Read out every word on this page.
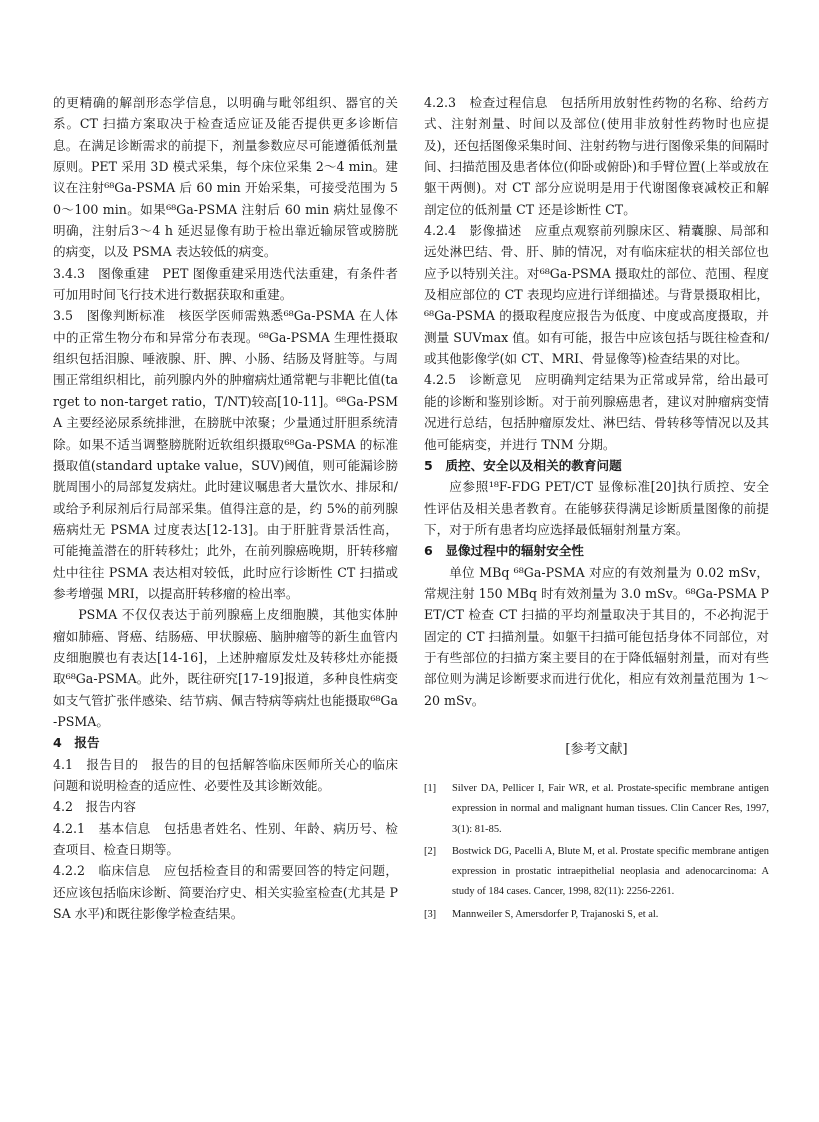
的更精确的解剖形态学信息，以明确与毗邻组织、器官的关系。CT 扫描方案取决于检查适应证及能否提供更多诊断信息。在满足诊断需求的前提下，剂量参数应尽可能遵循低剂量原则。PET 采用 3D 模式采集，每个床位采集 2～4 min。建议在注射⁶⁸Ga-PSMA 后 60 min 开始采集，可接受范围为 50～100 min。如果⁶⁸Ga-PSMA 注射后 60 min 病灶显像不明确，注射后3～4 h 延迟显像有助于检出靠近输尿管或膀胱的病变，以及 PSMA 表达较低的病变。

3.4.3　图像重建　PET 图像重建采用迭代法重建，有条件者可加用时间飞行技术进行数据获取和重建。

3.5　图像判断标准　核医学医师需熟悉⁶⁸Ga-PSMA 在人体中的正常生物分布和异常分布表现。⁶⁸Ga-PSMA 生理性摄取组织包括泪腺、唾液腺、肝、脾、小肠、结肠及肾脏等。与周围正常组织相比，前列腺内外的肿瘤病灶通常靶与非靶比值(target to non-target ratio，T/NT)较高[10-11]。⁶⁸Ga-PSMA 主要经泌尿系统排泄，在膀胱中浓聚；少量通过肝胆系统清除。如果不适当调整膀胱附近软组织摄取⁶⁸Ga-PSMA 的标准摄取值(standard uptake value，SUV)阈值，则可能漏诊膀胱周围小的局部复发病灶。此时建议嘱患者大量饮水、排尿和/或给予利尿剂后行局部采集。值得注意的是，约 5%的前列腺癌病灶无 PSMA 过度表达[12-13]。由于肝脏背景活性高，可能掩盖潜在的肝转移灶；此外，在前列腺癌晚期，肝转移瘤灶中往往 PSMA 表达相对较低，此时应行诊断性 CT 扫描或参考增强 MRI，以提高肝转移瘤的检出率。

PSMA 不仅仅表达于前列腺癌上皮细胞膜，其他实体肿瘤如肺癌、肾癌、结肠癌、甲状腺癌、脑肿瘤等的新生血管内皮细胞膜也有表达[14-16]，上述肿瘤原发灶及转移灶亦能摄取⁶⁸Ga-PSMA。此外，既往研究[17-19]报道，多种良性病变如支气管扩张伴感染、结节病、佩吉特病等病灶也能摄取⁶⁸Ga-PSMA。

4　报告

4.1　报告目的　报告的目的包括解答临床医师所关心的临床问题和说明检查的适应性、必要性及其诊断效能。

4.2　报告内容

4.2.1　基本信息　包括患者姓名、性别、年龄、病历号、检查项目、检查日期等。

4.2.2　临床信息　应包括检查目的和需要回答的特定问题，还应该包括临床诊断、简要治疗史、相关实验室检查(尤其是 PSA 水平)和既往影像学检查结果。

4.2.3　检查过程信息　包括所用放射性药物的名称、给药方式、注射剂量、时间以及部位(使用非放射性药物时也应提及)，还包括图像采集时间、注射药物与进行图像采集的间隔时间、扫描范围及患者体位(仰卧或俯卧)和手臂位置(上举或放在躯干两侧)。对 CT 部分应说明是用于代谢图像衰减校正和解剖定位的低剂量 CT 还是诊断性 CT。

4.2.4　影像描述　应重点观察前列腺床区、精囊腺、局部和远处淋巴结、骨、肝、肺的情况，对有临床症状的相关部位也应予以特别关注。对⁶⁸Ga-PSMA 摄取灶的部位、范围、程度及相应部位的 CT 表现均应进行详细描述。与背景摄取相比，⁶⁸Ga-PSMA 的摄取程度应报告为低度、中度或高度摄取，并测量 SUVmax 值。如有可能，报告中应该包括与既往检查和/或其他影像学(如 CT、MRI、骨显像等)检查结果的对比。

4.2.5　诊断意见　应明确判定结果为正常或异常，给出最可能的诊断和鉴别诊断。对于前列腺癌患者，建议对肿瘤病变情况进行总结，包括肿瘤原发灶、淋巴结、骨转移等情况以及其他可能病变，并进行 TNM 分期。

5　质控、安全以及相关的教育问题

应参照¹⁸F-FDG PET/CT 显像标准[20]执行质控、安全性评估及相关患者教育。在能够获得满足诊断质量图像的前提下，对于所有患者均应选择最低辐射剂量方案。

6　显像过程中的辐射安全性

单位 MBq ⁶⁸Ga-PSMA 对应的有效剂量为 0.02 mSv，常规注射 150 MBq 时有效剂量为 3.0 mSv。⁶⁸Ga-PSMA PET/CT 检查 CT 扫描的平均剂量取决于其目的，不必拘泥于固定的 CT 扫描剂量。如躯干扫描可能包括身体不同部位，对于有些部位的扫描方案主要目的在于降低辐射剂量，而对有些部位则为满足诊断要求而进行优化，相应有效剂量范围为 1～20 mSv。

[参考文献]
[1]	Silver DA, Pellicer I, Fair WR, et al. Prostate-specific membrane antigen expression in normal and malignant human tissues. Clin Cancer Res, 1997, 3(1): 81-85.
[2]	Bostwick DG, Pacelli A, Blute M, et al. Prostate specific membrane antigen expression in prostatic intraepithelial neoplasia and adenocarcinoma: A study of 184 cases. Cancer, 1998, 82(11): 2256-2261.
[3]	Mannweiler S, Amersdorfer P, Trajanoski S, et al.
